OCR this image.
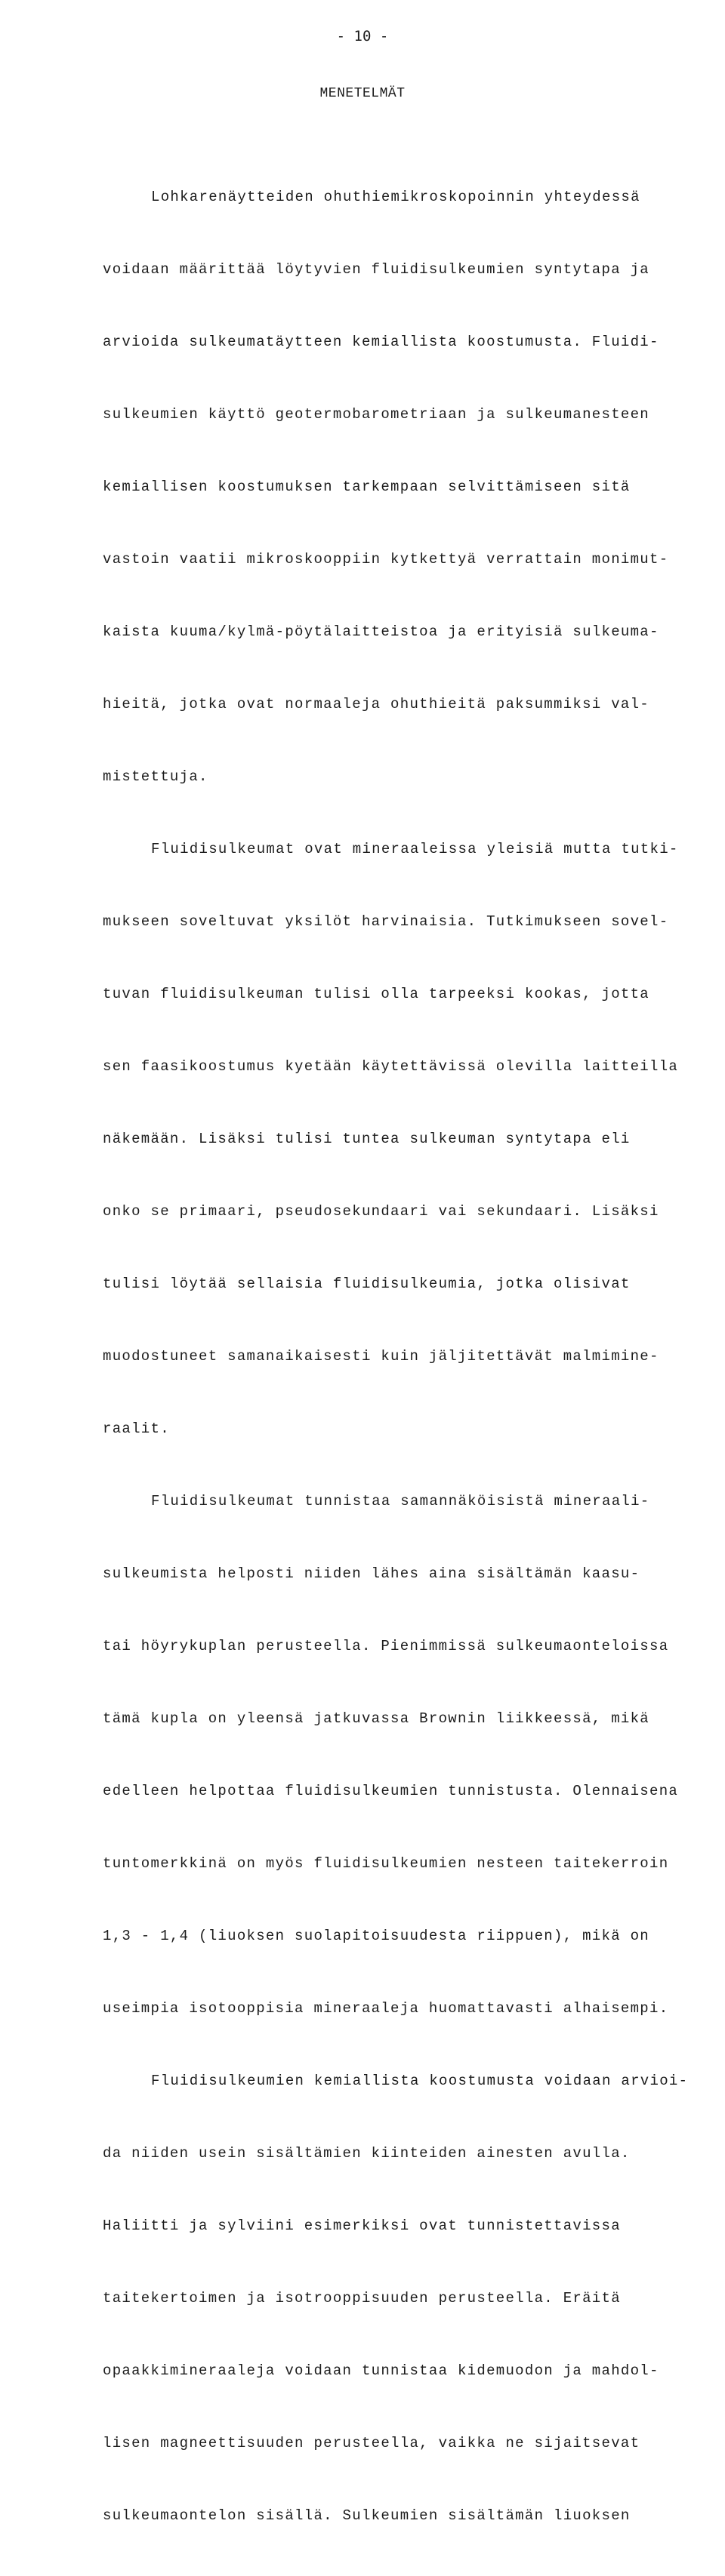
- 10 -
MENETELMÄT

Lohkarenäytteiden ohuthiemikroskopoinnin yhteydessä

voidaan määrittää löytyvien fluidisulkeumien syntytapa ja

arvioida sulkeumatäytteen kemiallista koostumusta. Fluidi-

sulkeumien käyttö geotermobarometriaan ja sulkeumanesteen

kemiallisen koostumuksen tarkempaan selvittämiseen sitä

vastoin vaatii mikroskooppiin kytkettyä verrattain monimut-

kaista kuuma/kylmä-pöytälaitteistoa ja erityisiä sulkeuma-

hieitä, jotka ovat normaaleja ohuthieitä paksummiksi val-

mistettuja.

Fluidisulkeumat ovat mineraaleissa yleisiä mutta tutki-

mukseen soveltuvat yksilöt harvinaisia. Tutkimukseen sovel-

tuvan fluidisulkeuman tulisi olla tarpeeksi kookas, jotta

sen faasikoostumus kyetään käytettävissä olevilla laitteilla

näkemään. Lisäksi tulisi tuntea sulkeuman syntytapa eli

onko se primaari, pseudosekundaari vai sekundaari. Lisäksi

tulisi löytää sellaisia fluidisulkeumia, jotka olisivat

muodostuneet samanaikaisesti kuin jäljitettävät malmimine-

raalit.

Fluidisulkeumat tunnistaa samannäköisistä mineraali-

sulkeumista helposti niiden lähes aina sisältämän kaasu-

tai höyrykuplan perusteella. Pienimmissä sulkeumaonteloissa

tämä kupla on yleensä jatkuvassa Brownin liikkeessä, mikä

edelleen helpottaa fluidisulkeumien tunnistusta. Olennaisena

tuntomerkkinä on myös fluidisulkeumien nesteen taitekerroin

1,3 - 1,4 (liuoksen suolapitoisuudesta riippuen), mikä on

useimpia isotooppisia mineraaleja huomattavasti alhaisempi.

Fluidisulkeumien kemiallista koostumusta voidaan arvioi-

da niiden usein sisältämien kiinteiden ainesten avulla.

Haliitti ja sylviini esimerkiksi ovat tunnistettavissa

taitekertoimen ja isotrooppisuuden perusteella. Eräitä

opaakkimineraaleja voidaan tunnistaa kidemuodon ja mahdol-

lisen magneettisuuden perusteella, vaikka ne sijaitsevat

sulkeumaontelon sisällä. Sulkeumien sisältämän liuoksen
